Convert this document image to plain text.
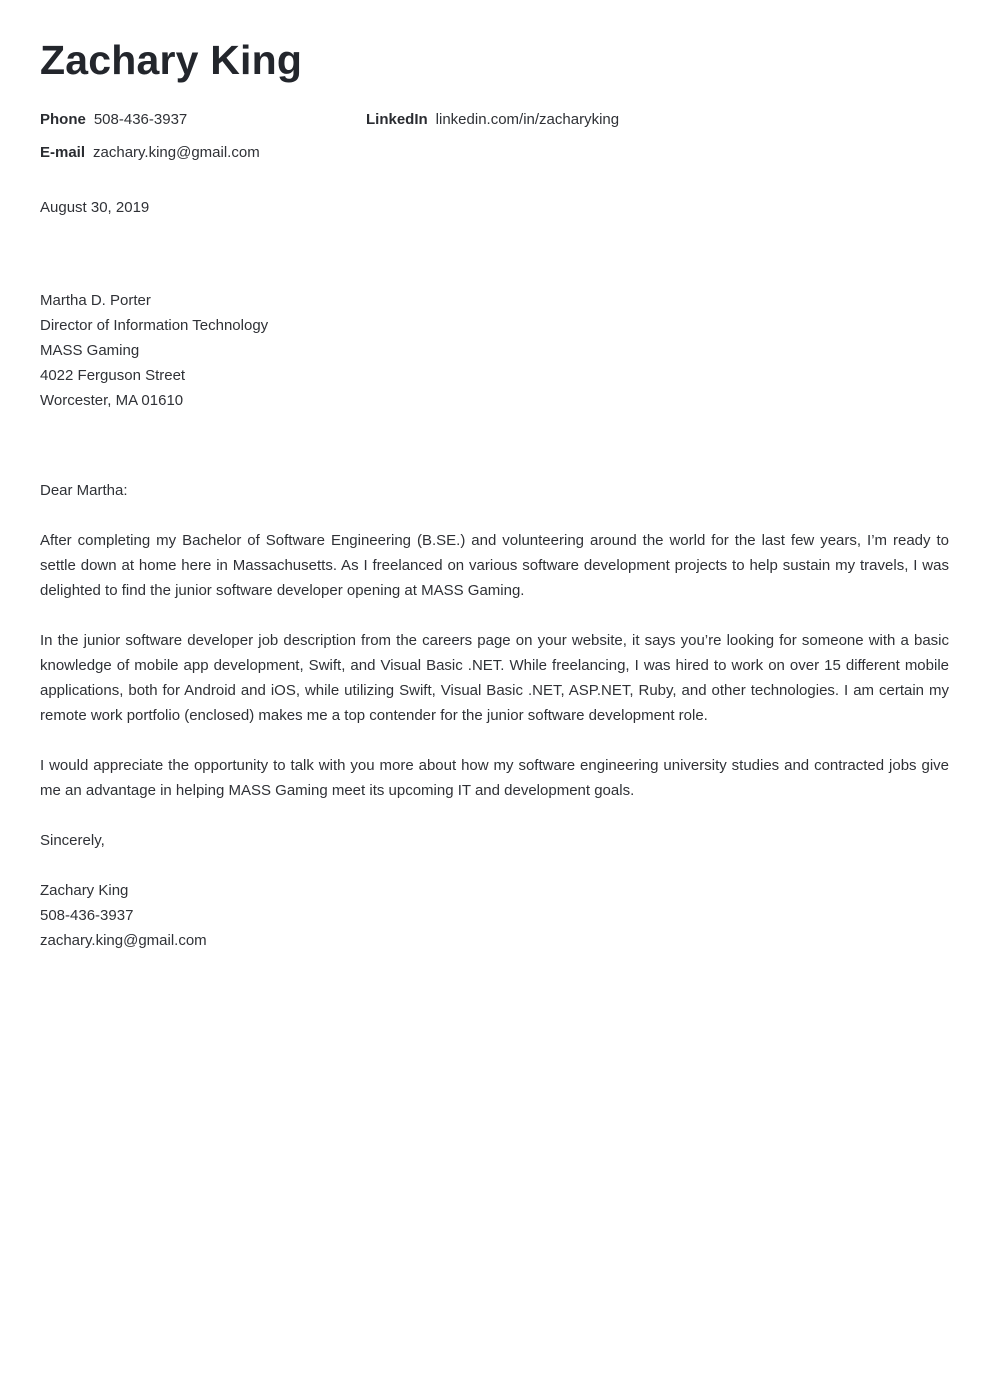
Zachary King
Phone 508-436-3937	LinkedIn linkedin.com/in/zacharyking
E-mail zachary.king@gmail.com
August 30, 2019
Martha D. Porter
Director of Information Technology
MASS Gaming
4022 Ferguson Street
Worcester, MA 01610
Dear Martha:

After completing my Bachelor of Software Engineering (B.SE.) and volunteering around the world for the last few years, I’m ready to settle down at home here in Massachusetts. As I freelanced on various software development projects to help sustain my travels, I was delighted to find the junior software developer opening at MASS Gaming.

In the junior software developer job description from the careers page on your website, it says you’re looking for someone with a basic knowledge of mobile app development, Swift, and Visual Basic .NET. While freelancing, I was hired to work on over 15 different mobile applications, both for Android and iOS, while utilizing Swift, Visual Basic .NET, ASP.NET, Ruby, and other technologies. I am certain my remote work portfolio (enclosed) makes me a top contender for the junior software development role.

I would appreciate the opportunity to talk with you more about how my software engineering university studies and contracted jobs give me an advantage in helping MASS Gaming meet its upcoming IT and development goals.

Sincerely,
Zachary King
508-436-3937
zachary.king@gmail.com
